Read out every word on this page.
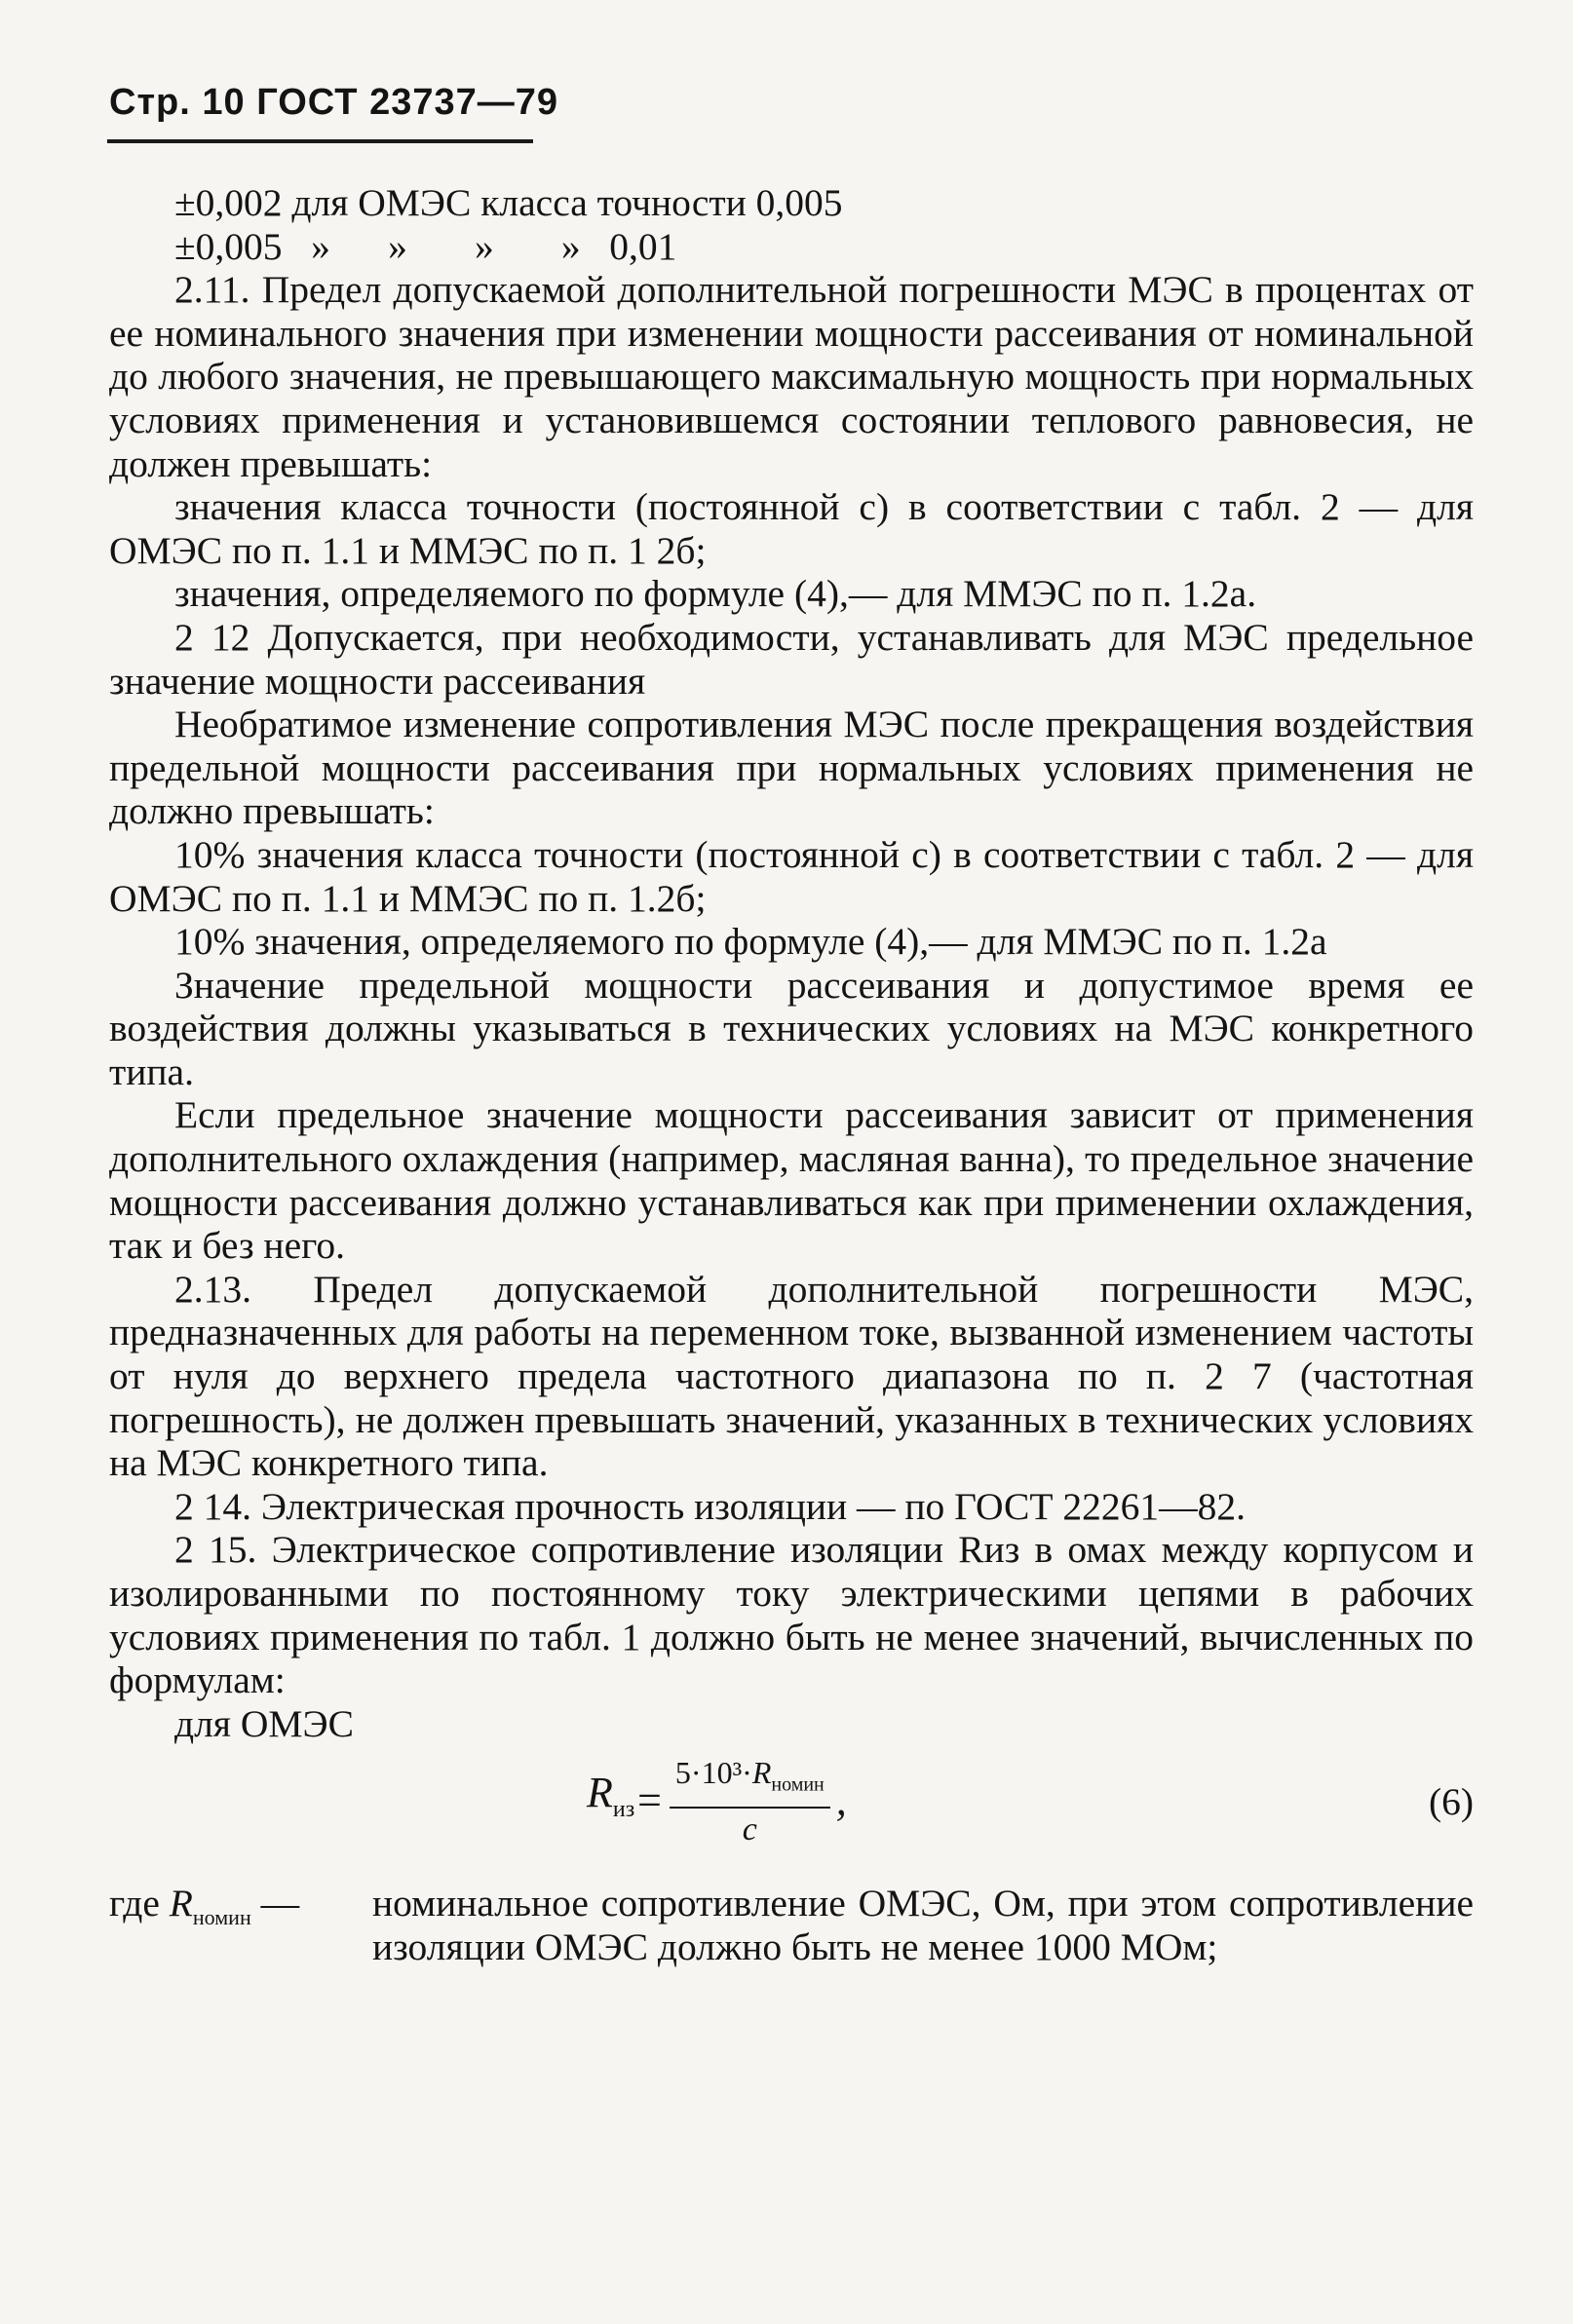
Стр. 10 ГОСТ 23737—79
±0,002 для ОМЭС класса точности 0,005
±0,005   »      »       »       »   0,01

2.11. Предел допускаемой дополнительной погрешности МЭС в процентах от ее номинального значения при изменении мощности рассеивания от номинальной до любого значения, не превышающего максимальную мощность при нормальных условиях применения и установившемся состоянии теплового равновесия, не должен превышать:

значения класса точности (постоянной c) в соответствии с табл. 2 — для ОМЭС по п. 1.1 и ММЭС по п. 1 2б;

значения, определяемого по формуле (4),— для ММЭС по п. 1.2а.

2 12 Допускается, при необходимости, устанавливать для МЭС предельное значение мощности рассеивания

Необратимое изменение сопротивления МЭС после прекращения воздействия предельной мощности рассеивания при нормальных условиях применения не должно превышать:

10% значения класса точности (постоянной c) в соответствии с табл. 2 — для ОМЭС по п. 1.1 и ММЭС по п. 1.2б;

10% значения, определяемого по формуле (4),— для ММЭС по п. 1.2а

Значение предельной мощности рассеивания и допустимое время ее воздействия должны указываться в технических условиях на МЭС конкретного типа.

Если предельное значение мощности рассеивания зависит от применения дополнительного охлаждения (например, масляная ванна), то предельное значение мощности рассеивания должно устанавливаться как при применении охлаждения, так и без него.

2.13. Предел допускаемой дополнительной погрешности МЭС, предназначенных для работы на переменном токе, вызванной изменением частоты от нуля до верхнего предела частотного диапазона по п. 2 7 (частотная погрешность), не должен превышать значений, указанных в технических условиях на МЭС конкретного типа.

2 14. Электрическая прочность изоляции — по ГОСТ 22261—82.

2 15. Электрическое сопротивление изоляции Rиз в омах между корпусом и изолированными по постоянному току электрическими цепями в рабочих условиях применения по табл. 1 должно быть не менее значений, вычисленных по формулам:

для ОМЭС

$R_{из} = \frac{5\cdot 10^3\cdot R_{номин}}{c}$ ,	(6)
где $R_{номин}$ —	номинальное сопротивление ОМЭС, Ом, при этом сопротивление изоляции ОМЭС должно быть не менее 1000 МОм;
